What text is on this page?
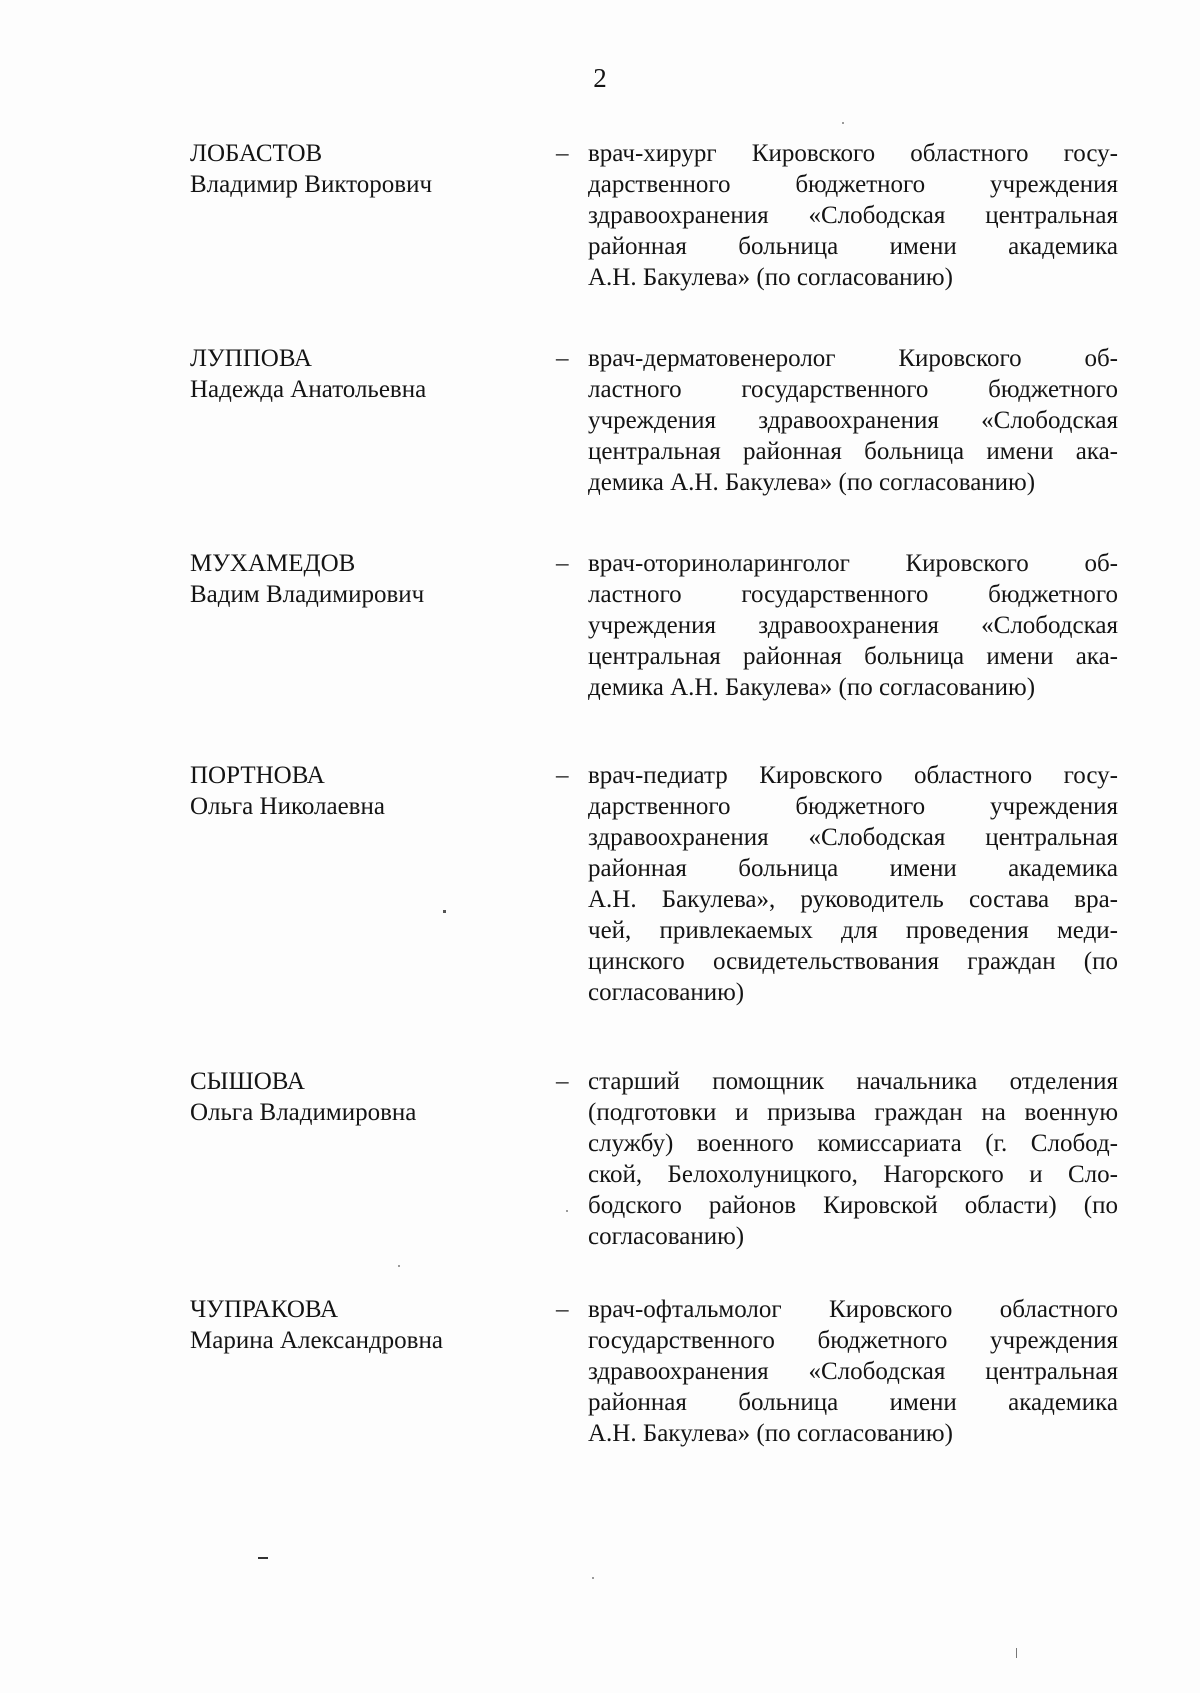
2
ЛОБАСТОВ
Владимир Викторович
– врач-хирург Кировского областного госу-
дарственного бюджетного учреждения
здравоохранения «Слободская центральная
районная больница имени академика
А.Н. Бакулева» (по согласованию)
ЛУППОВА
Надежда Анатольевна
– врач-дерматовенеролог Кировского об-
ластного государственного бюджетного
учреждения здравоохранения «Слободская
центральная районная больница имени ака-
демика А.Н. Бакулева» (по согласованию)
МУХАМЕДОВ
Вадим Владимирович
– врач-оториноларинголог Кировского об-
ластного государственного бюджетного
учреждения здравоохранения «Слободская
центральная районная больница имени ака-
демика А.Н. Бакулева» (по согласованию)
ПОРТНОВА
Ольга Николаевна
– врач-педиатр Кировского областного госу-
дарственного бюджетного учреждения
здравоохранения «Слободская центральная
районная больница имени академика
А.Н. Бакулева», руководитель состава вра-
чей, привлекаемых для проведения меди-
цинского освидетельствования граждан (по
согласованию)
СЫШОВА
Ольга Владимировна
– старший помощник начальника отделения
(подготовки и призыва граждан на военную
службу) военного комиссариата (г. Слобод-
ской, Белохолуницкого, Нагорского и Сло-
бодского районов Кировской области) (по
согласованию)
ЧУПРАКОВА
Марина Александровна
– врач-офтальмолог Кировского областного
государственного бюджетного учреждения
здравоохранения «Слободская центральная
районная больница имени академика
А.Н. Бакулева» (по согласованию)
